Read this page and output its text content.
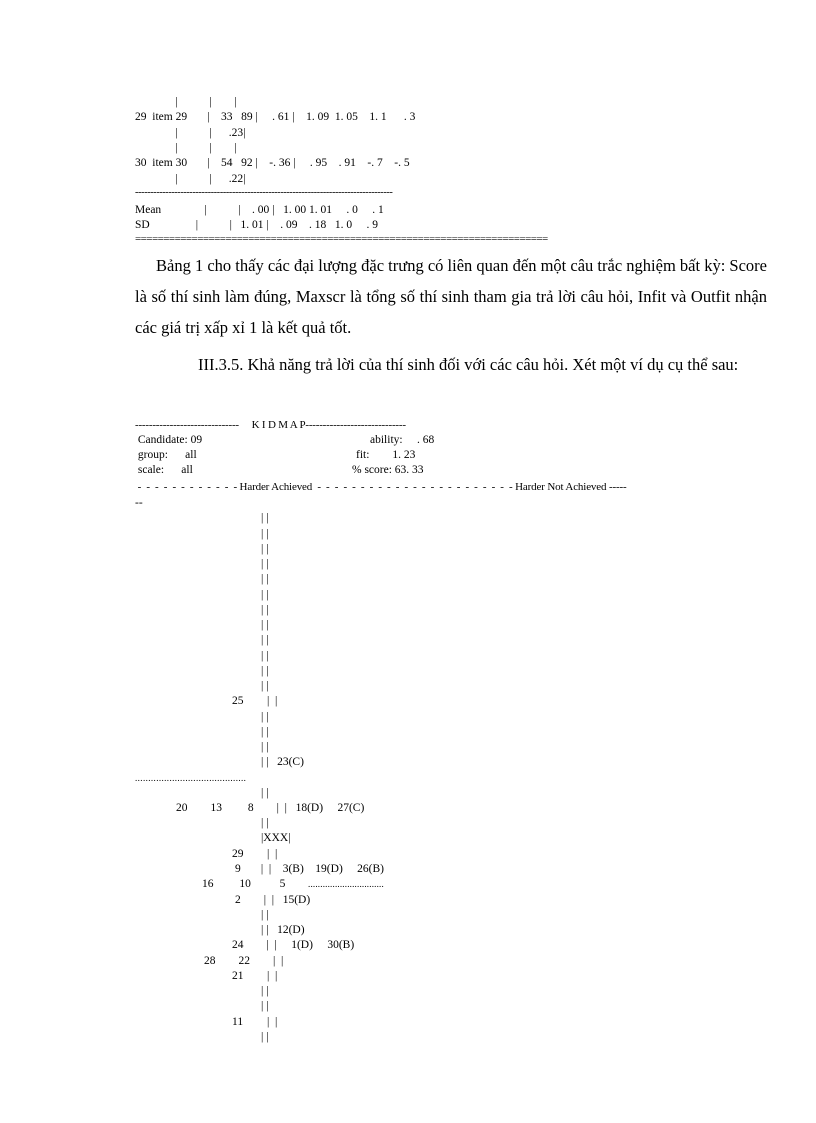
|           |        |
29  item 29       |    33   89 |     . 61 |    1. 09  1. 05    1. 1      . 3
|           |      .23|
|           |        |
30  item 30       |    54   92 |    -. 36 |     . 95    . 91    -. 7    -. 5
|           |      .22|
-------------------------------------------------------------------------------------
Mean               |           |    . 00 |   1. 00 1. 01     . 0     . 1
SD                |           |   1. 01 |    . 09    . 18   1. 0     . 9
=========================================================================
Bảng 1 cho thấy các đại lượng đặc trưng có liên quan đến một câu trắc nghiệm bất kỳ: Score là số thí sinh làm đúng, Maxscr là tổng số thí sinh tham gia trả lời câu hỏi, Infit và Outfit nhận các giá trị xấp xỉ 1 là kết quả tốt.
III.3.5. Khả năng trả lời của thí sinh đối với các câu hỏi. Xét một ví dụ cụ thể sau:
------------------------------     K I D M A P-----------------------------
Candidate: 09	ability:     . 68
group:      all	fit:        1. 23
scale:      all	% score: 63. 33
-  -  -  -  -  -  -  -  -  -  -  - Harder Achieved  -  -  -  -  -  -  -  -  -  -  -  -  -  -  -  -  -  -  -  -  -  -  - Harder Not Achieved -----
--
| |
| |
| |
| |
| |
| |
| |
| |
| |
| |
| |
| |
25 |  |
| |
| |
| |
| |   23(C)
..........................................
| |
20        13         8        |  |   18(D)     27(C)
| |
|XXX|
29 |  |
9       |  |    3(B)    19(D)     26(B)
16         10          5	...............................
2        |  |   15(D)
| |
| |   12(D)
24        |  |     1(D)     30(B)
28        22        |  |
21 |  |
| |
| |
11 |  |
| |
